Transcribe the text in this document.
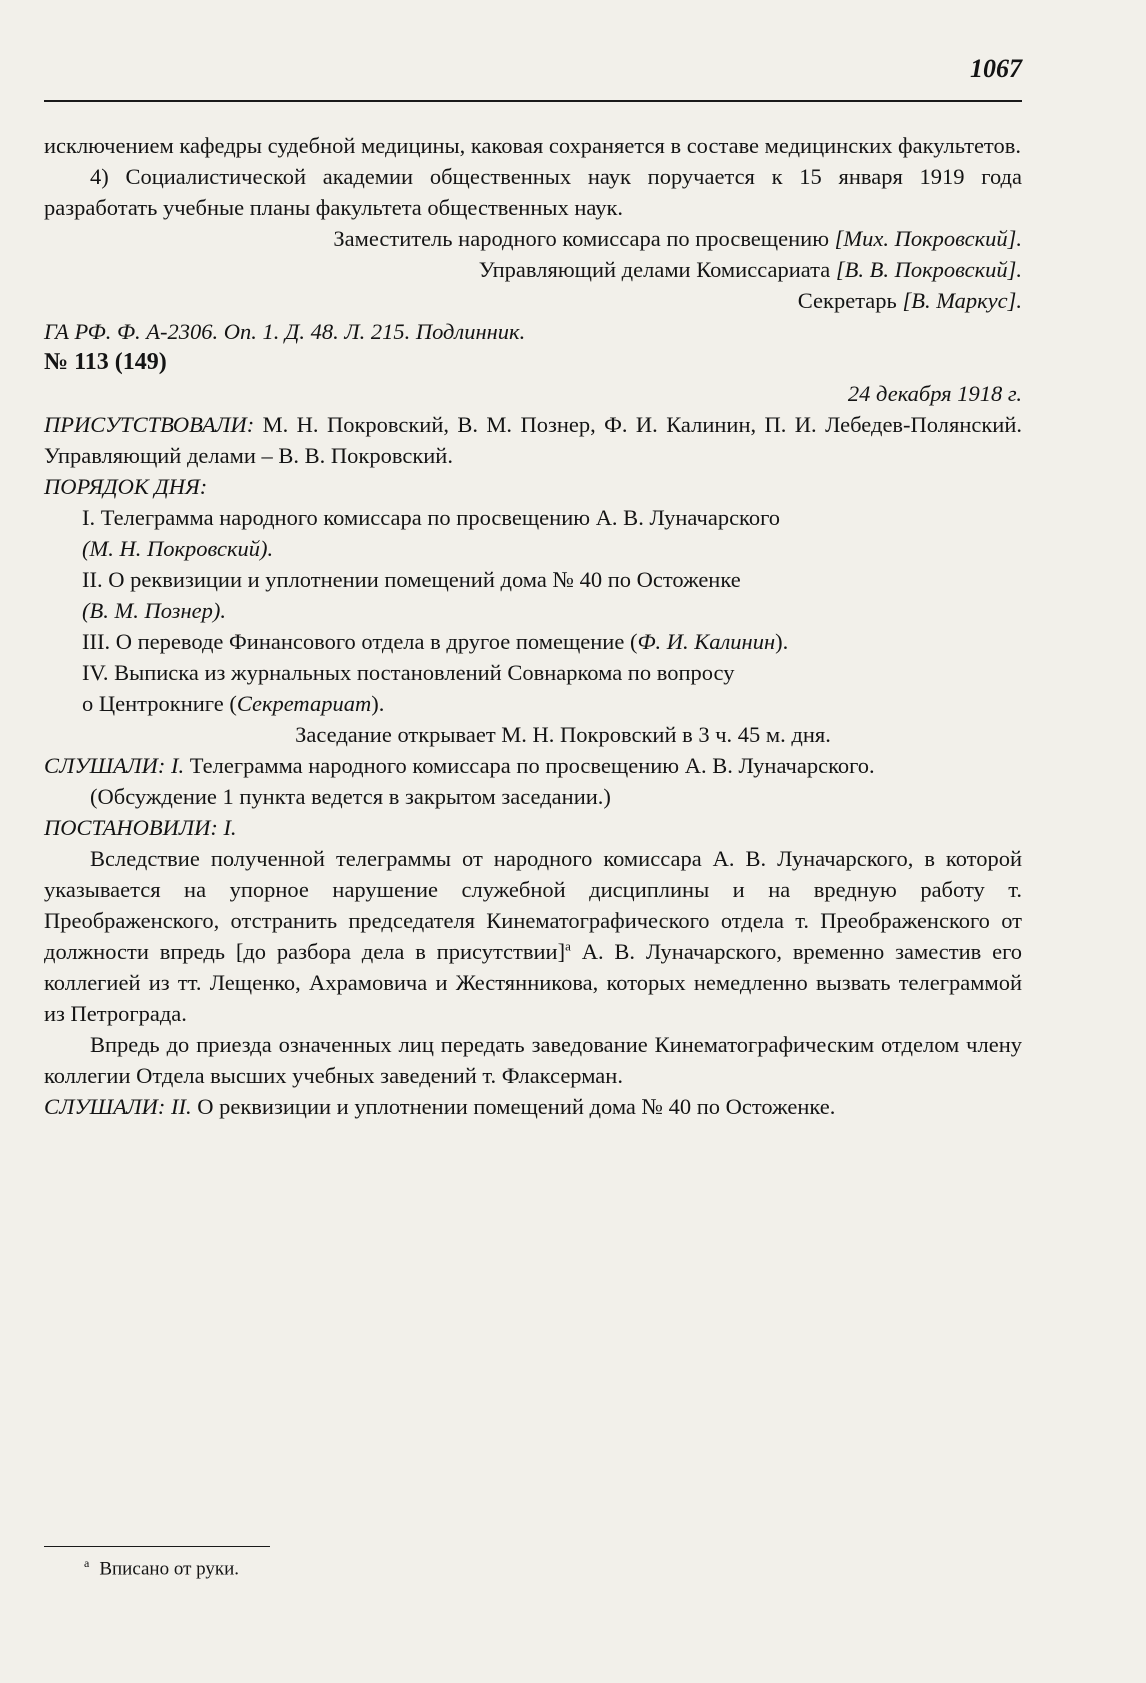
1067

исключением кафедры судебной медицины, каковая сохраняется в составе медицинских факультетов.

4) Социалистической академии общественных наук поручается к 15 января 1919 года разработать учебные планы факультета общественных наук.

Заместитель народного комиссара по просвещению [Мих. Покровский].

Управляющий делами Комиссариата [В. В. Покровский].

Секретарь [В. Маркус].

ГА РФ. Ф. А-2306. Оп. 1. Д. 48. Л. 215. Подлинник.

№ 113 (149)

24 декабря 1918 г.

ПРИСУТСТВОВАЛИ: М. Н. Покровский, В. М. Познер, Ф. И. Калинин, П. И. Лебедев-Полянский. Управляющий делами – В. В. Покровский.

ПОРЯДОК ДНЯ:

I. Телеграмма народного комиссара по просвещению А. В. Луначарского

(М. Н. Покровский).

II. О реквизиции и уплотнении помещений дома № 40 по Остоженке

(В. М. Познер).

III. О переводе Финансового отдела в другое помещение (Ф. И. Калинин).

IV. Выписка из журнальных постановлений Совнаркома по вопросу

о Центрокниге (Секретариат).

Заседание открывает М. Н. Покровский в 3 ч. 45 м. дня.

СЛУШАЛИ: I. Телеграмма народного комиссара по просвещению А. В. Луначарского.

(Обсуждение 1 пункта ведется в закрытом заседании.)

ПОСТАНОВИЛИ: I.

Вследствие полученной телеграммы от народного комиссара А. В. Луначарского, в которой указывается на упорное нарушение служебной дисциплины и на вредную работу т. Преображенского, отстранить председателя Кинематографического отдела т. Преображенского от должности впредь [до разбора дела в присутствии]$^а$ А. В. Луначарского, временно заместив его коллегией из тт. Лещенко, Ахрамовича и Жестянникова, которых немедленно вызвать телеграммой из Петрограда.

Впредь до приезда означенных лиц передать заведование Кинематографическим отделом члену коллегии Отдела высших учебных заведений т. Флаксерман.

СЛУШАЛИ: II. О реквизиции и уплотнении помещений дома № 40 по Остоженке.

$^а$ Вписано от руки.
